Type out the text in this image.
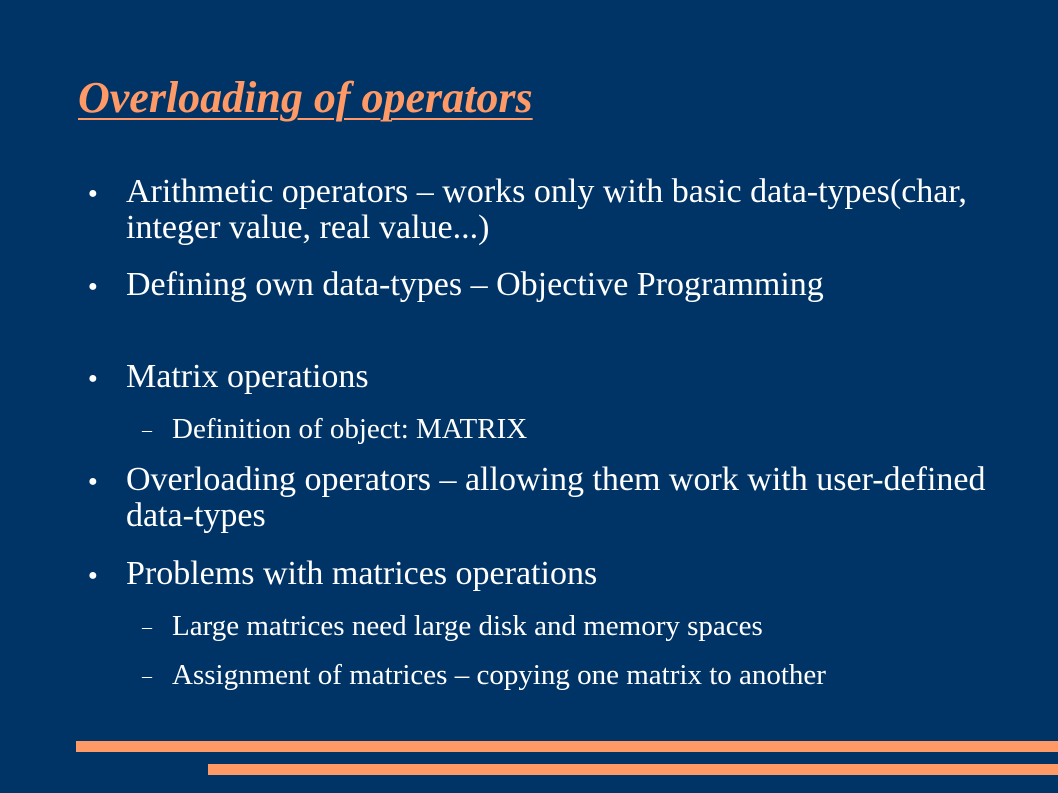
Overloading of operators
● Arithmetic operators – works only with basic data-types(char, integer value, real value...)
● Defining own data-types – Objective Programming
● Matrix operations
– Definition of object: MATRIX
● Overloading operators – allowing them work with user-defined data-types
● Problems with matrices operations
– Large matrices need large disk and memory spaces
– Assignment of matrices – copying one matrix to another
